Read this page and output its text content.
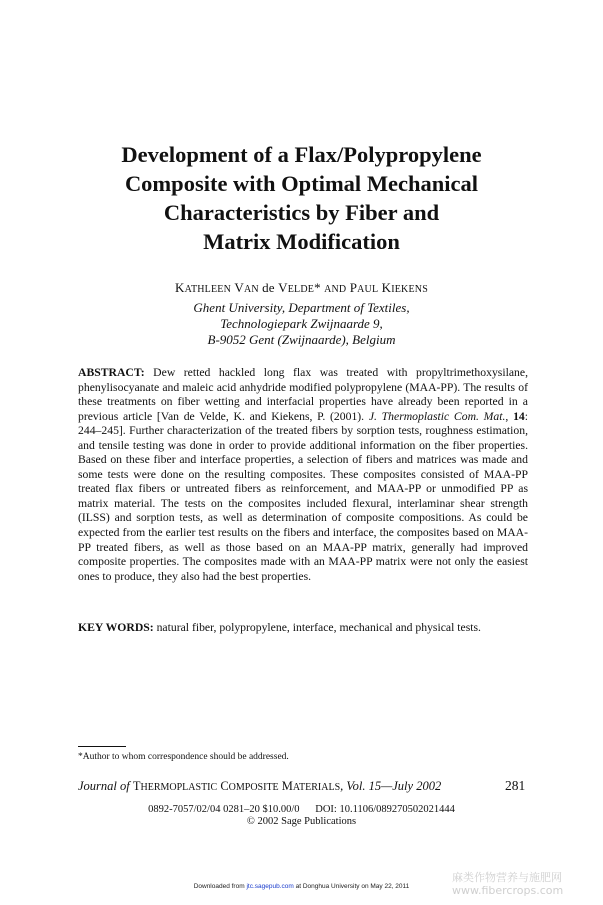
Development of a Flax/Polypropylene
Composite with Optimal Mechanical
Characteristics by Fiber and
Matrix Modification
KATHLEEN VAN de VELDE* AND PAUL KIEKENS
Ghent University, Department of Textiles,
Technologiepark Zwijnaarde 9,
B-9052 Gent (Zwijnaarde), Belgium
ABSTRACT: Dew retted hackled long flax was treated with propyltrimethoxysilane, phenylisocyanate and maleic acid anhydride modified polypropylene (MAA-PP). The results of these treatments on fiber wetting and interfacial properties have already been reported in a previous article [Van de Velde, K. and Kiekens, P. (2001). J. Thermoplastic Com. Mat., 14: 244–245]. Further characterization of the treated fibers by sorption tests, roughness estimation, and tensile testing was done in order to provide additional information on the fiber properties. Based on these fiber and interface properties, a selection of fibers and matrices was made and some tests were done on the resulting composites. These composites consisted of MAA-PP treated flax fibers or untreated fibers as reinforcement, and MAA-PP or unmodified PP as matrix material. The tests on the composites included flexural, interlaminar shear strength (ILSS) and sorption tests, as well as determination of composite compositions. As could be expected from the earlier test results on the fibers and interface, the composites based on MAA-PP treated fibers, as well as those based on an MAA-PP matrix, generally had improved composite properties. The composites made with an MAA-PP matrix were not only the easiest ones to produce, they also had the best properties.
KEY WORDS: natural fiber, polypropylene, interface, mechanical and physical tests.
*Author to whom correspondence should be addressed.
Journal of THERMOPLASTIC COMPOSITE MATERIALS, Vol. 15—July 2002	281
0892-7057/02/04 0281–20 $10.00/0      DOI: 10.1106/089270502021444
© 2002 Sage Publications
Downloaded from jtc.sagepub.com at Donghua University on May 22, 2011
麻类作物营养与施肥网
www.fibercrops.com
